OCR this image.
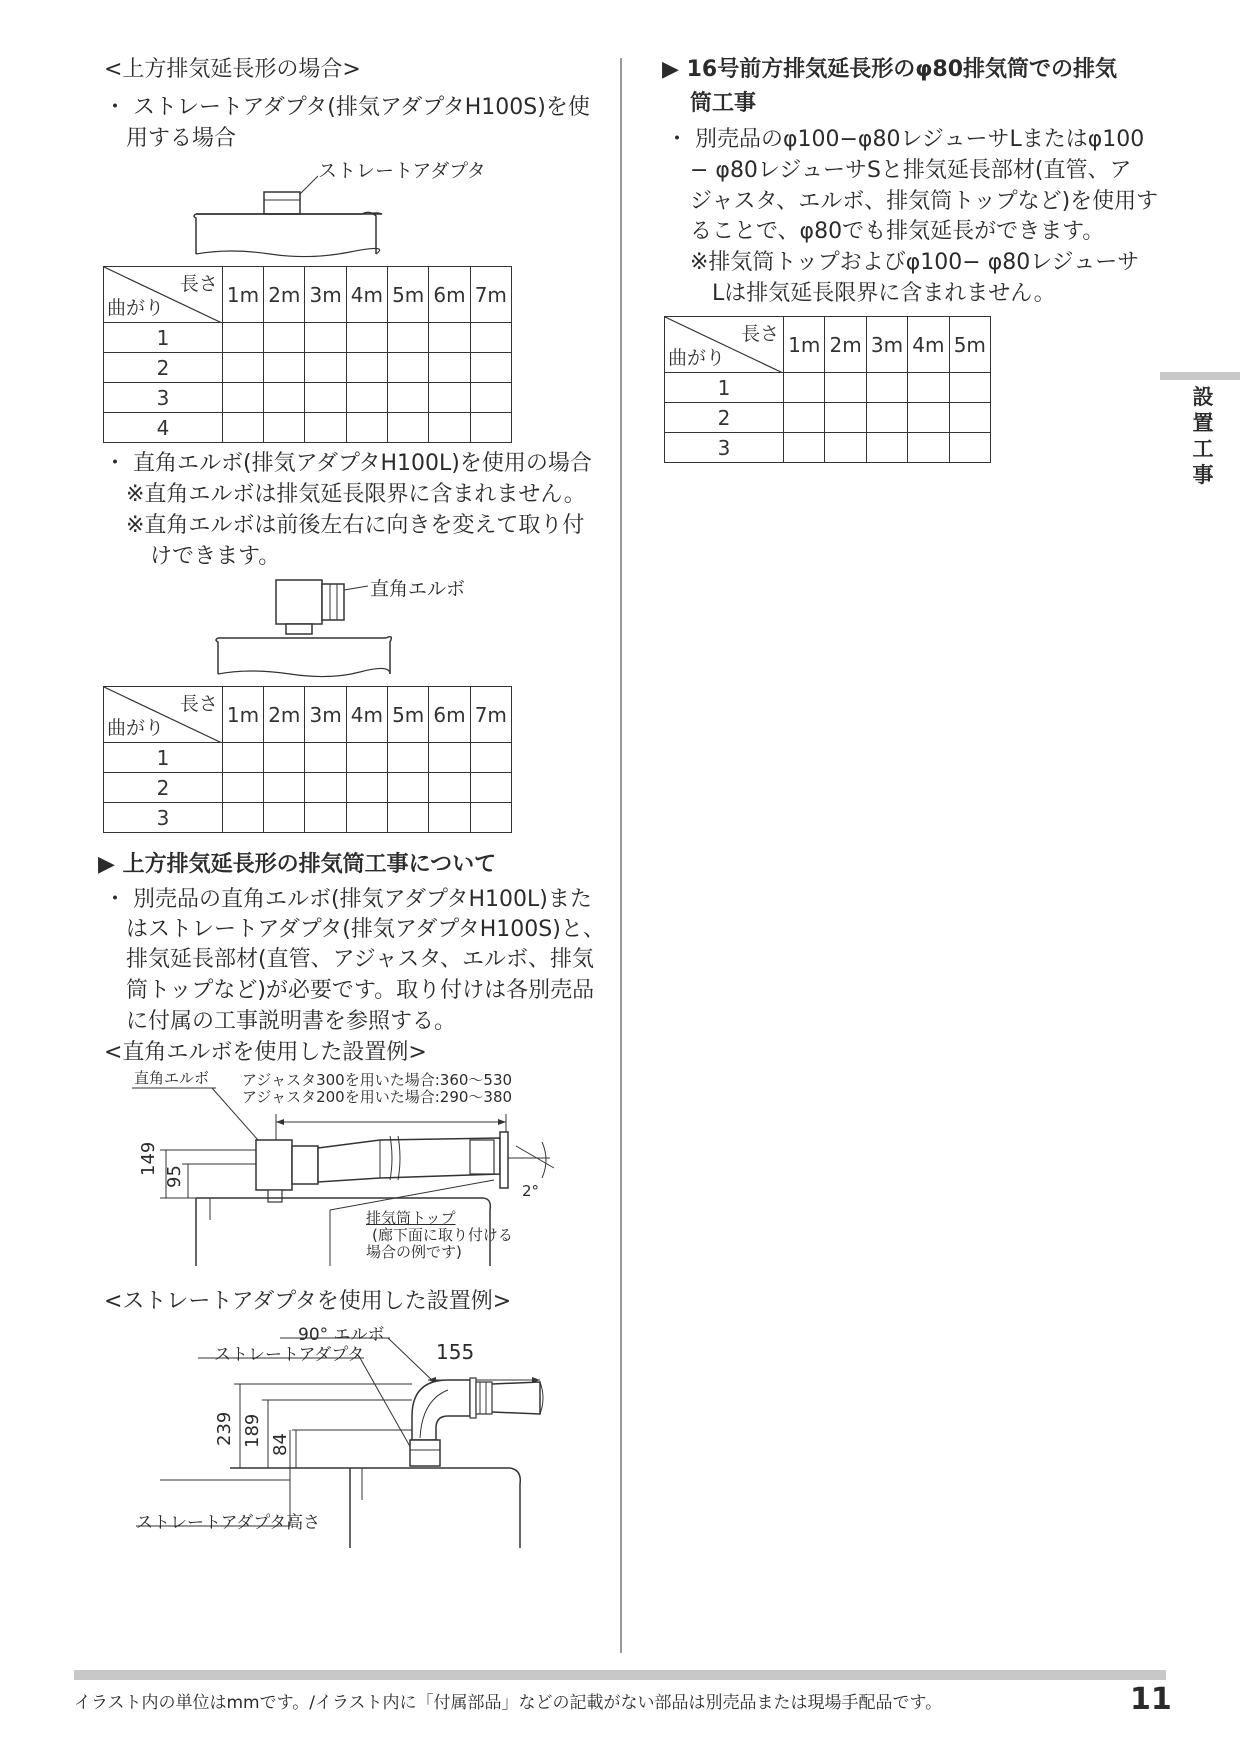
<上方排気延長形の場合>
・ ストレートアダプタ(排気アダプタH100S)を使
用する場合
ストレートアダプタ
長さ
曲がり	1m	2m	3m	4m	5m	6m	7m
1							
2							
3							
4							
・ 直角エルボ(排気アダプタH100L)を使用の場合
※直角エルボは排気延長限界に含まれません。
※直角エルボは前後左右に向きを変えて取り付
けできます。
直角エルボ
長さ
曲がり	1m	2m	3m	4m	5m	6m	7m
1							
2							
3							
▶ 上方排気延長形の排気筒工事について
・ 別売品の直角エルボ(排気アダプタH100L)また
はストレートアダプタ(排気アダプタH100S)と、
排気延長部材(直管、アジャスタ、エルボ、排気
筒トップなど)が必要です。取り付けは各別売品
に付属の工事説明書を参照する。
<直角エルボを使用した設置例>
直角エルボ アジャスタ300を用いた場合:360〜530
アジャスタ200を用いた場合:290〜380
149
95
2°
排気筒トップ
(廊下面に取り付ける
場合の例です)
<ストレートアダプタを使用した設置例>
90° エルボ
ストレートアダプタ	155
239 189 84
ストレートアダプタ高さ
▶ 16号前方排気延長形のφ80排気筒での排気
筒工事
・ 別売品のφ100−φ80レジューサLまたはφ100
− φ80レジューサSと排気延長部材(直管、ア
ジャスタ、エルボ、排気筒トップなど)を使用す
ることで、φ80でも排気延長ができます。
※排気筒トップおよびφ100− φ80レジューサ
Lは排気延長限界に含まれません。
長さ
曲がり	1m	2m	3m	4m	5m
1					
2					
3					
設置工事
イラスト内の単位はmmです。/イラスト内に「付属部品」などの記載がない部品は別売品または現場手配品です。	11
